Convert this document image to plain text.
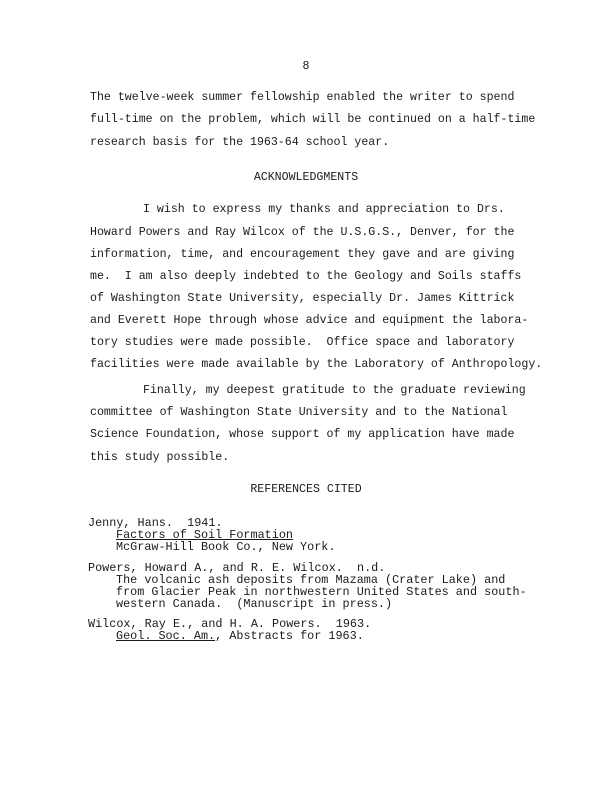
8
The twelve-week summer fellowship enabled the writer to spend
full-time on the problem, which will be continued on a half-time
research basis for the 1963-64 school year.
ACKNOWLEDGMENTS
I wish to express my thanks and appreciation to Drs.
Howard Powers and Ray Wilcox of the U.S.G.S., Denver, for the
information, time, and encouragement they gave and are giving
me.  I am also deeply indebted to the Geology and Soils staffs
of Washington State University, especially Dr. James Kittrick
and Everett Hope through whose advice and equipment the labora-
tory studies were made possible.  Office space and laboratory
facilities were made available by the Laboratory of Anthropology.
Finally, my deepest gratitude to the graduate reviewing
committee of Washington State University and to the National
Science Foundation, whose support of my application have made
this study possible.
REFERENCES CITED
Jenny, Hans.  1941.
Factors of Soil Formation
McGraw-Hill Book Co., New York.
Powers, Howard A., and R. E. Wilcox.  n.d.
The volcanic ash deposits from Mazama (Crater Lake) and
from Glacier Peak in northwestern United States and south-
western Canada.  (Manuscript in press.)
Wilcox, Ray E., and H. A. Powers.  1963.
Geol. Soc. Am., Abstracts for 1963.
